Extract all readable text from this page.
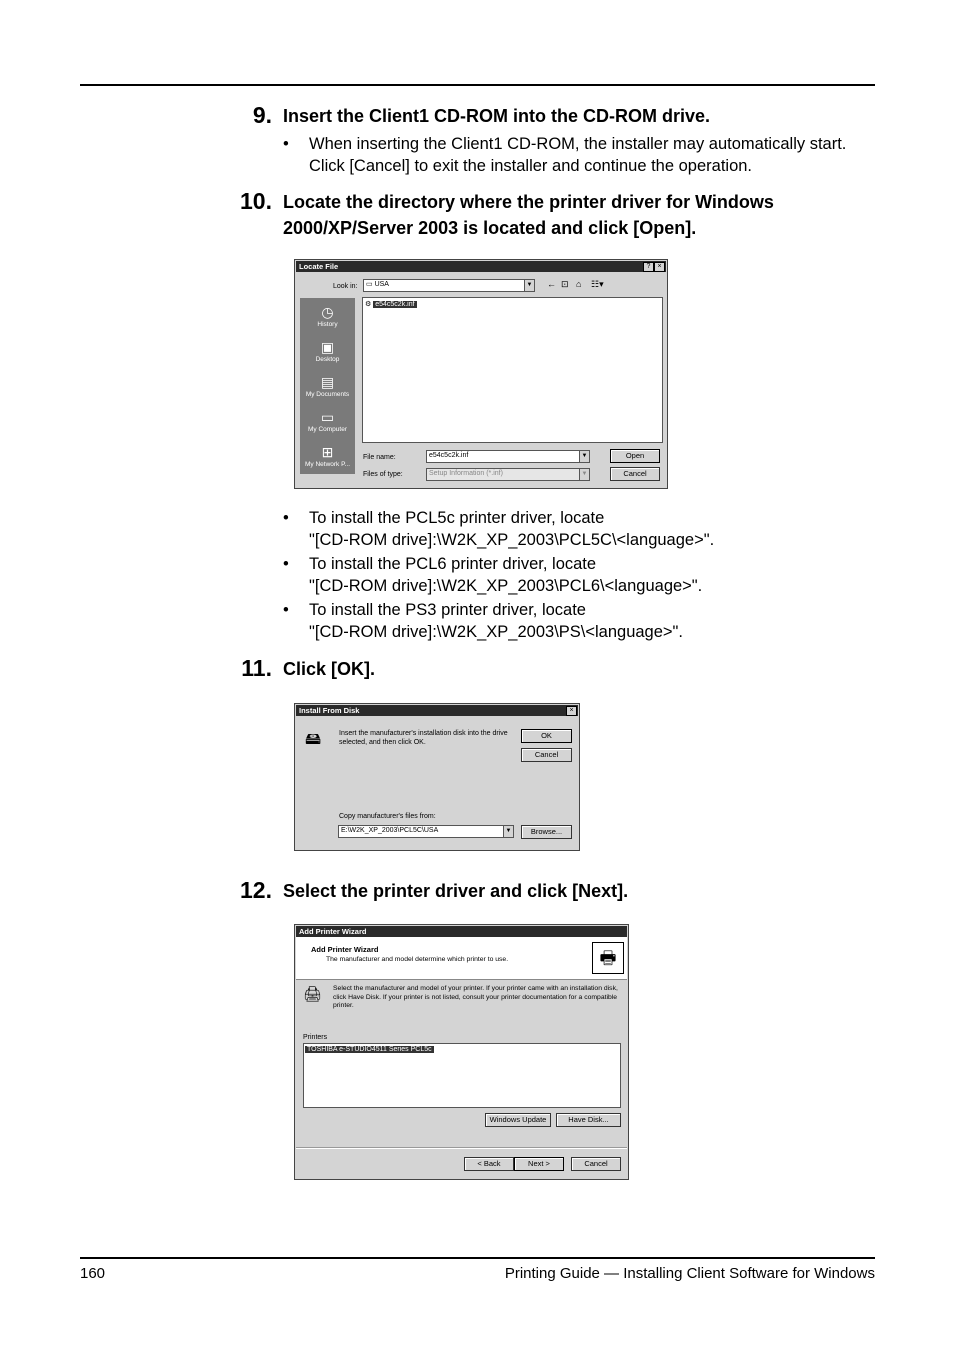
9. Insert the Client1 CD-ROM into the CD-ROM drive.
• When inserting the Client1 CD-ROM, the installer may automatically start. Click [Cancel] to exit the installer and continue the operation.
10. Locate the directory where the printer driver for Windows 2000/XP/Server 2003 is located and click [Open].
Locate File	?	×
Look in:	▭ USA	▼ ← ⊡ ⌂ ☷▾
◷
History
▣
Desktop
▤
My Documents
▭
My Computer
⊞
My Network P...
⚙ e54c5c2k.inf
File name:	e54c5c2k.inf	▼
Files of type:	Setup Information (*.inf)	▼
Open
Cancel
• To install the PCL5c printer driver, locate
"[CD-ROM drive]:\W2K_XP_2003\PCL5C\<language>".
• To install the PCL6 printer driver, locate
"[CD-ROM drive]:\W2K_XP_2003\PCL6\<language>".
• To install the PS3 printer driver, locate
"[CD-ROM drive]:\W2K_XP_2003\PS\<language>".
11. Click [OK].
Install From Disk	×
🖴	Insert the manufacturer's installation disk into the drive selected, and then click OK.
OK
Cancel
Copy manufacturer's files from:
E:\W2K_XP_2003\PCL5C\USA	▼	Browse...
12. Select the printer driver and click [Next].
Add Printer Wizard
Add Printer Wizard
The manufacturer and model determine which printer to use.	🖶
🖨 Select the manufacturer and model of your printer. If your printer came with an installation disk, click Have Disk. If your printer is not listed, consult your printer documentation for a compatible printer.
Printers
TOSHIBA e-STUDIO4511 Series PCL5c
Windows Update	Have Disk...
< Back	Next >	Cancel
160	Printing Guide — Installing Client Software for Windows
